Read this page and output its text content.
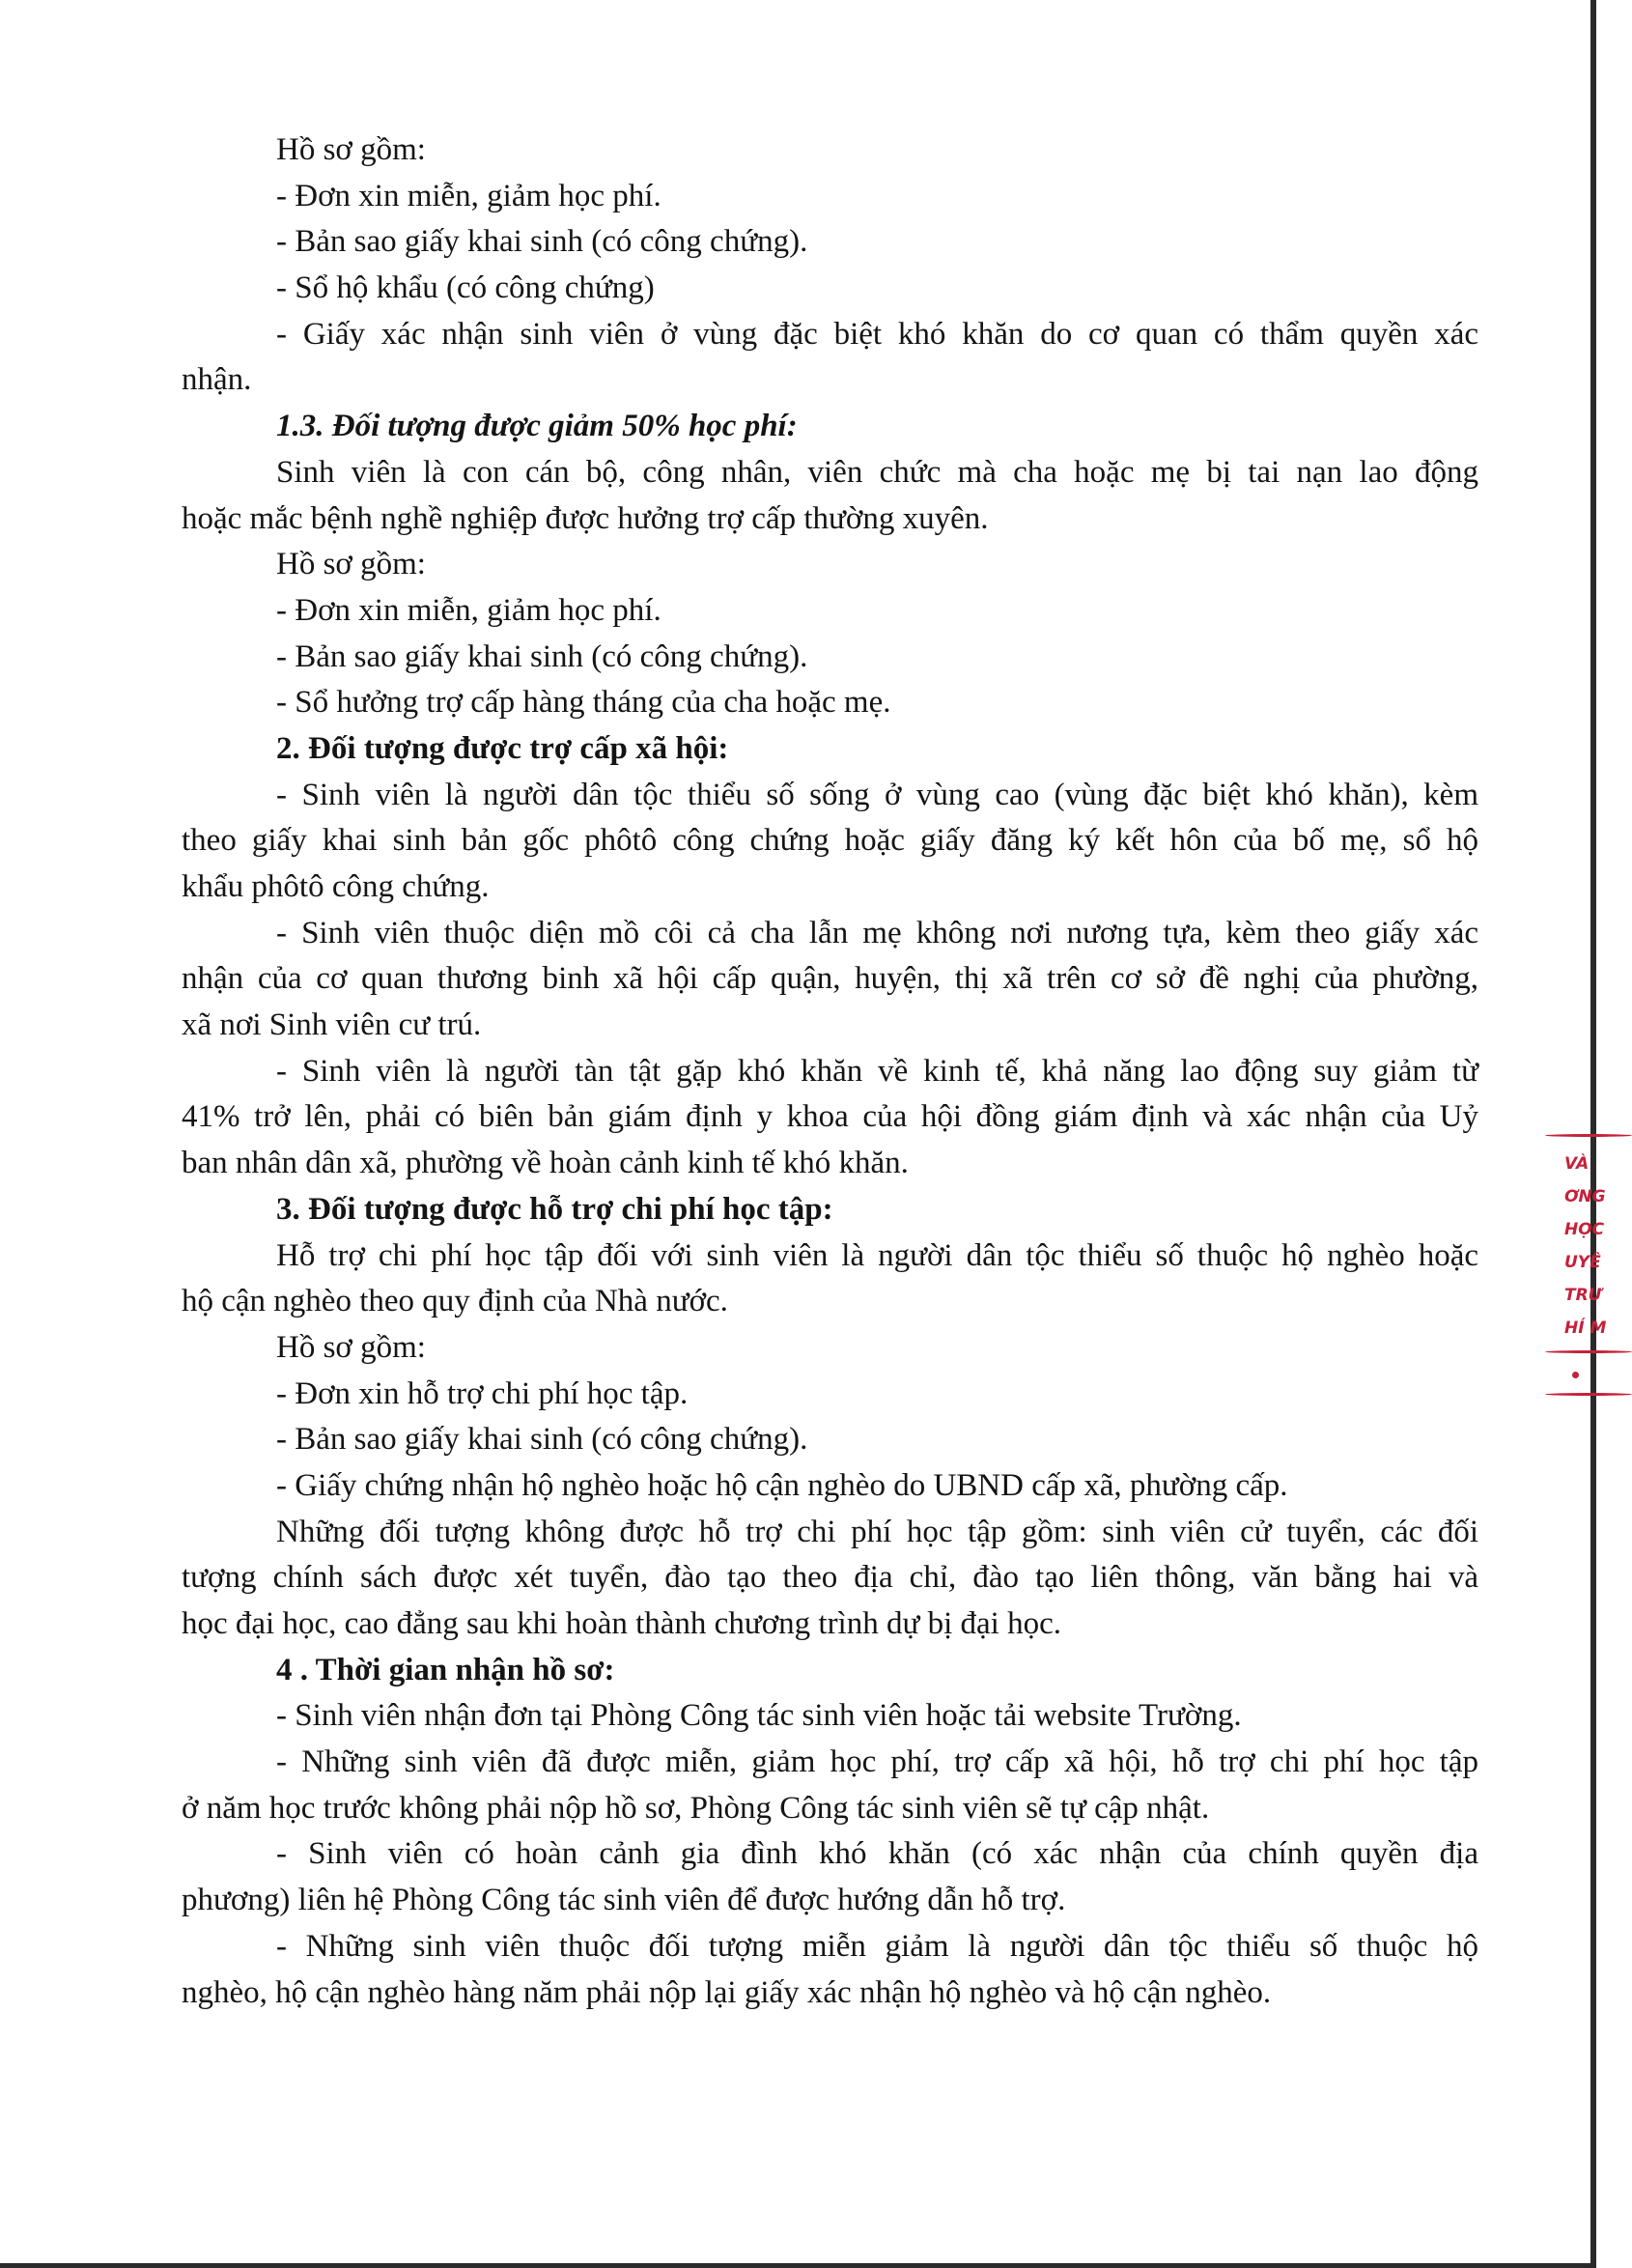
Hồ sơ gồm:

- Đơn xin miễn, giảm học phí.

- Bản sao giấy khai sinh (có công chứng).

- Sổ hộ khẩu (có công chứng)

- Giấy xác nhận sinh viên ở vùng đặc biệt khó khăn do cơ quan có thẩm quyền xác

nhận.

1.3. Đối tượng được giảm 50% học phí:

Sinh viên là con cán bộ, công nhân, viên chức mà cha hoặc mẹ bị tai nạn lao động

hoặc mắc bệnh nghề nghiệp được hưởng trợ cấp thường xuyên.

Hồ sơ gồm:

- Đơn xin miễn, giảm học phí.

- Bản sao giấy khai sinh (có công chứng).

- Sổ hưởng trợ cấp hàng tháng của cha hoặc mẹ.

2. Đối tượng được trợ cấp xã hội:

- Sinh viên là người dân tộc thiểu số sống ở vùng cao (vùng đặc biệt khó khăn), kèm

theo giấy khai sinh bản gốc phôtô công chứng hoặc giấy đăng ký kết hôn của bố mẹ, sổ hộ

khẩu phôtô công chứng.

- Sinh viên thuộc diện mồ côi cả cha lẫn mẹ không nơi nương tựa, kèm theo giấy xác

nhận của cơ quan thương binh xã hội cấp quận, huyện, thị xã trên cơ sở đề nghị của phường,

xã nơi Sinh viên cư trú.

- Sinh viên là người tàn tật gặp khó khăn về kinh tế, khả năng lao động suy giảm từ

41% trở lên, phải có biên bản giám định y khoa của hội đồng giám định và xác nhận của Uỷ

ban nhân dân xã, phường về hoàn cảnh kinh tế khó khăn.

3. Đối tượng được hỗ trợ chi phí học tập:

Hỗ trợ chi phí học tập đối với sinh viên là người dân tộc thiểu số thuộc hộ nghèo hoặc

hộ cận nghèo theo quy định của Nhà nước.

Hồ sơ gồm:

- Đơn xin hỗ trợ chi phí học tập.

- Bản sao giấy khai sinh (có công chứng).

- Giấy chứng nhận hộ nghèo hoặc hộ cận nghèo do UBND cấp xã, phường cấp.

Những đối tượng không được hỗ trợ chi phí học tập gồm: sinh viên cử tuyển, các đối

tượng chính sách được xét tuyển, đào tạo theo địa chỉ, đào tạo liên thông, văn bằng hai và

học đại học, cao đẳng sau khi hoàn thành chương trình dự bị đại học.

4 . Thời gian nhận hồ sơ:

- Sinh viên nhận đơn tại Phòng Công tác sinh viên hoặc tải website Trường.

- Những sinh viên đã được miễn, giảm học phí, trợ cấp xã hội, hỗ trợ chi phí học tập

ở năm học trước không phải nộp hồ sơ, Phòng Công tác sinh viên sẽ tự cập nhật.

- Sinh viên có hoàn cảnh gia đình khó khăn (có xác nhận của chính quyền địa

phương) liên hệ Phòng Công tác sinh viên để được hướng dẫn hỗ trợ.

- Những sinh viên thuộc đối tượng miễn giảm là người dân tộc thiểu số thuộc hộ

nghèo, hộ cận nghèo hàng năm phải nộp lại giấy xác nhận hộ nghèo và hộ cận nghèo.

VÀ
ƠNG
HỌC
UYÊ
TRƯ
HÍ M
